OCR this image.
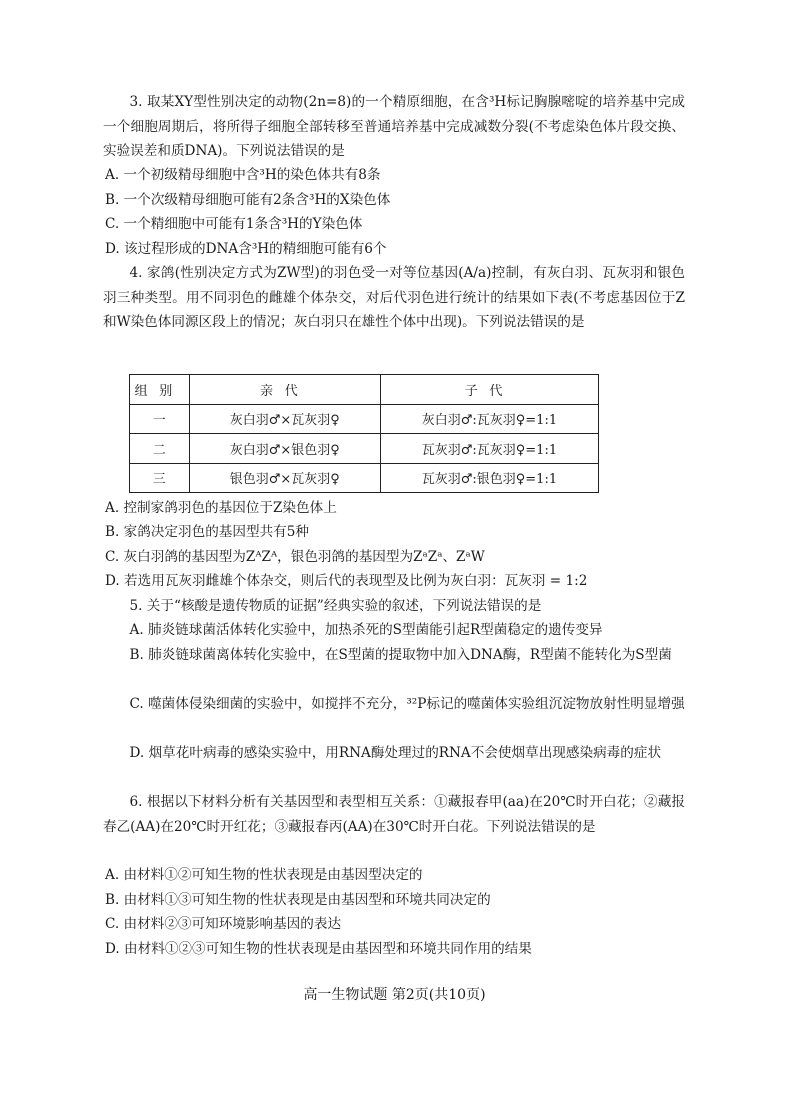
3. 取某XY型性别决定的动物(2n=8)的一个精原细胞，在含³H标记胸腺嘧啶的培养基中完成一个细胞周期后，将所得子细胞全部转移至普通培养基中完成减数分裂(不考虑染色体片段交换、实验误差和质DNA)。下列说法错误的是
A. 一个初级精母细胞中含³H的染色体共有8条
B. 一个次级精母细胞可能有2条含³H的X染色体
C. 一个精细胞中可能有1条含³H的Y染色体
D. 该过程形成的DNA含³H的精细胞可能有6个
4. 家鸽(性别决定方式为ZW型)的羽色受一对等位基因(A/a)控制，有灰白羽、瓦灰羽和银色羽三种类型。用不同羽色的雌雄个体杂交，对后代羽色进行统计的结果如下表(不考虑基因位于Z和W染色体同源区段上的情况；灰白羽只在雄性个体中出现)。下列说法错误的是
组别	亲代	子代
一	灰白羽♂×瓦灰羽♀	灰白羽♂:瓦灰羽♀=1:1
二	灰白羽♂×银色羽♀	瓦灰羽♂:瓦灰羽♀=1:1
三	银色羽♂×瓦灰羽♀	瓦灰羽♂:银色羽♀=1:1
A. 控制家鸽羽色的基因位于Z染色体上
B. 家鸽决定羽色的基因型共有5种
C. 灰白羽鸽的基因型为ZᴬZᴬ，银色羽鸽的基因型为ZᵃZᵃ、ZᵃW
D. 若选用瓦灰羽雌雄个体杂交，则后代的表现型及比例为灰白羽：瓦灰羽 = 1:2
5. 关于“核酸是遗传物质的证据”经典实验的叙述，下列说法错误的是
A. 肺炎链球菌活体转化实验中，加热杀死的S型菌能引起R型菌稳定的遗传变异
B. 肺炎链球菌离体转化实验中，在S型菌的提取物中加入DNA酶，R型菌不能转化为S型菌
C. 噬菌体侵染细菌的实验中，如搅拌不充分，³²P标记的噬菌体实验组沉淀物放射性明显增强
D. 烟草花叶病毒的感染实验中，用RNA酶处理过的RNA不会使烟草出现感染病毒的症状
6. 根据以下材料分析有关基因型和表型相互关系：①藏报春甲(aa)在20℃时开白花；②藏报春乙(AA)在20℃时开红花；③藏报春丙(AA)在30℃时开白花。下列说法错误的是
A. 由材料①②可知生物的性状表现是由基因型决定的
B. 由材料①③可知生物的性状表现是由基因型和环境共同决定的
C. 由材料②③可知环境影响基因的表达
D. 由材料①②③可知生物的性状表现是由基因型和环境共同作用的结果
高一生物试题 第2页(共10页)
